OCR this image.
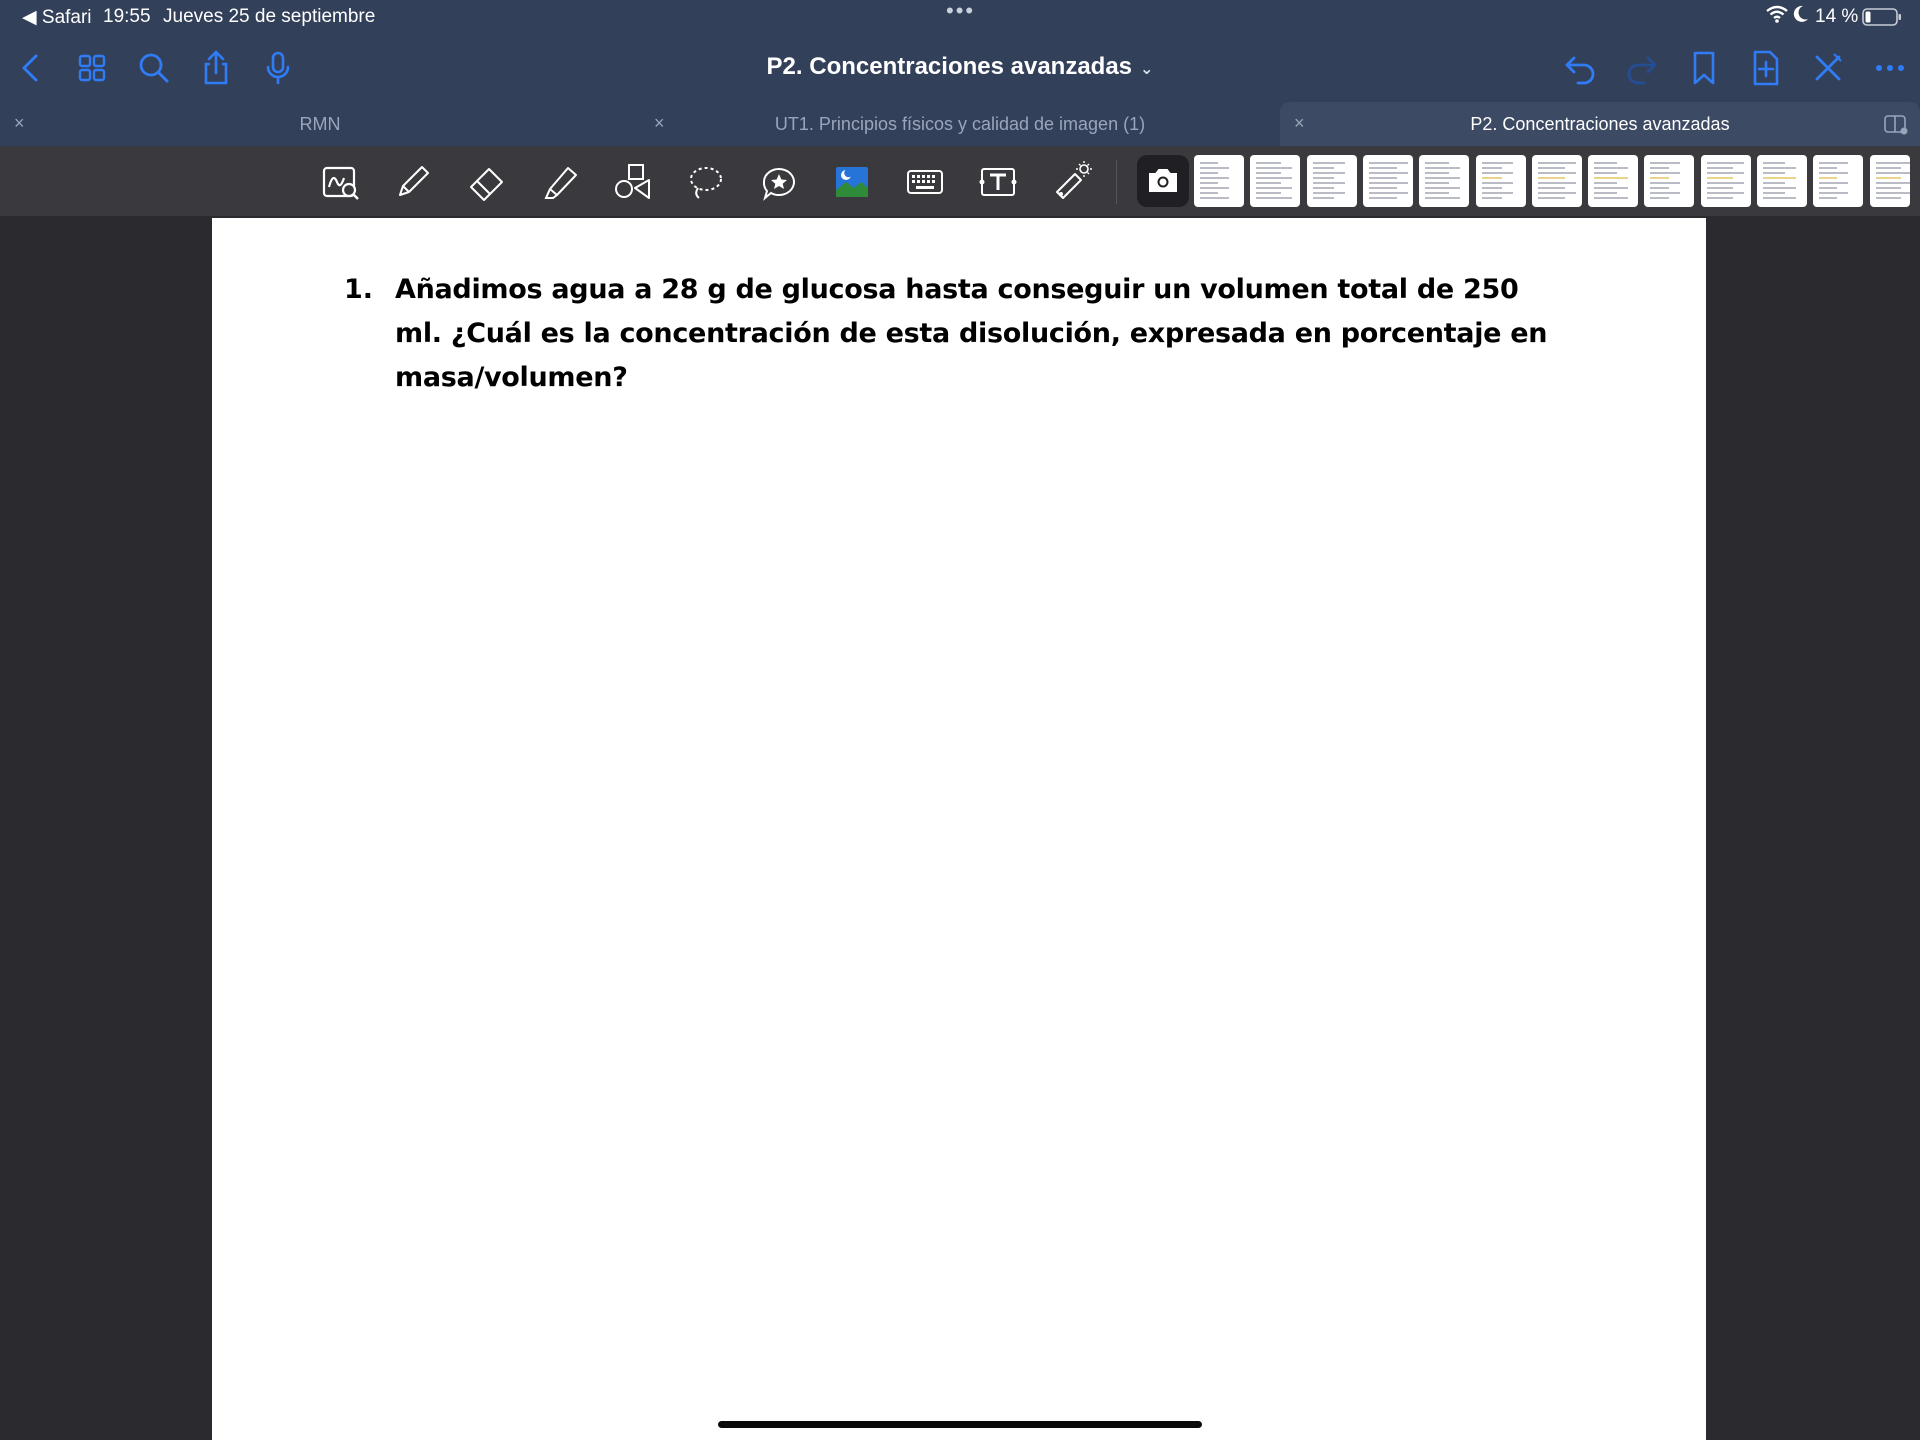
◀ Safari 19:55 Jueves 25 de septiembre	•••	14 %
P2. Concentraciones avanzadas ⌄
×	RMN	×	UT1. Principios físicos y calidad de imagen (1)	×	P2. Concentraciones avanzadas
1. Añadimos agua a 28 g de glucosa hasta conseguir un volumen total de 250 ml. ¿Cuál es la concentración de esta disolución, expresada en porcentaje en masa/volumen?
